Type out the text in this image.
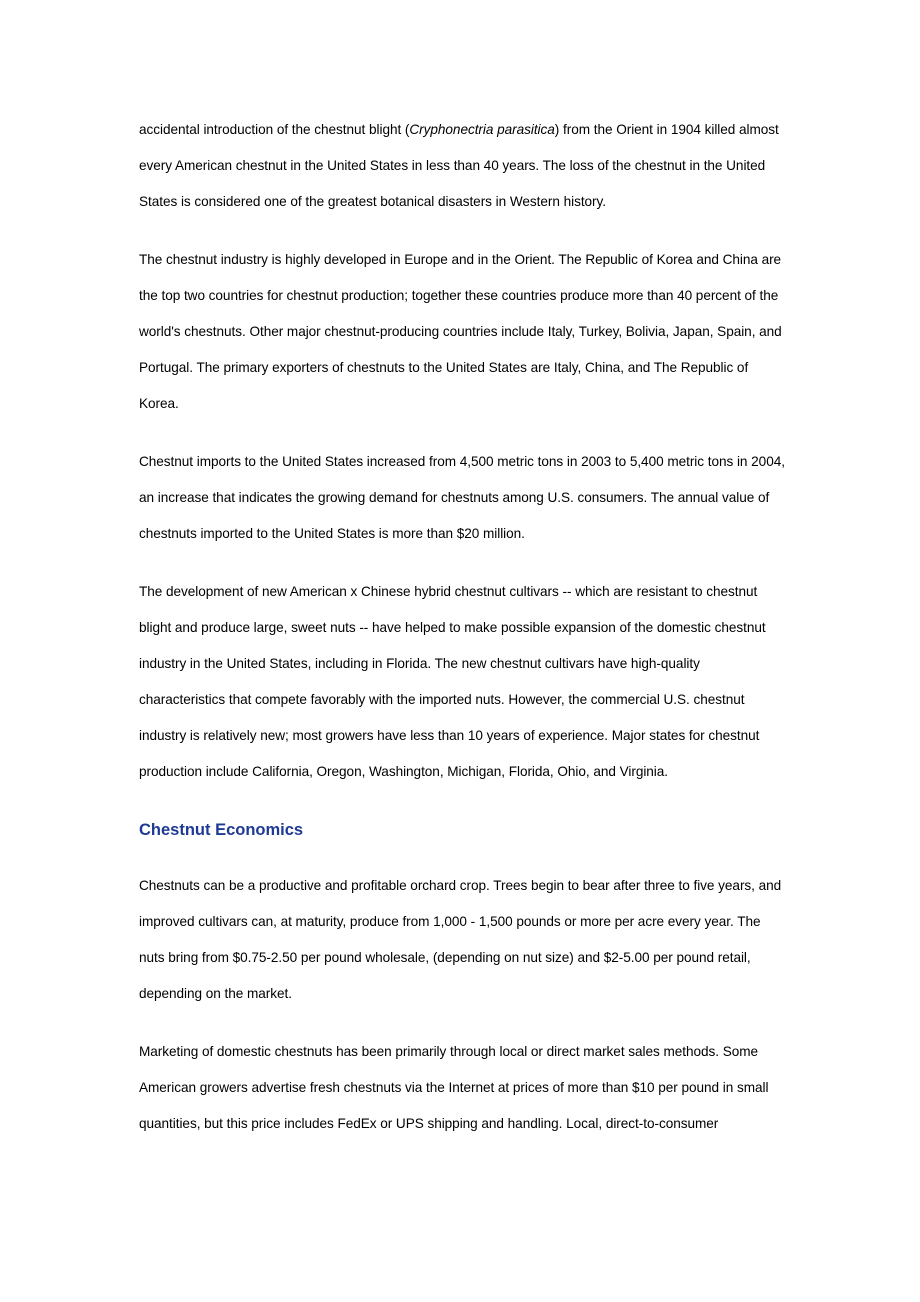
accidental introduction of the chestnut blight (Cryphonectria parasitica) from the Orient in 1904 killed almost every American chestnut in the United States in less than 40 years. The loss of the chestnut in the United States is considered one of the greatest botanical disasters in Western history.

The chestnut industry is highly developed in Europe and in the Orient. The Republic of Korea and China are the top two countries for chestnut production; together these countries produce more than 40 percent of the world's chestnuts. Other major chestnut-producing countries include Italy, Turkey, Bolivia, Japan, Spain, and Portugal. The primary exporters of chestnuts to the United States are Italy, China, and The Republic of Korea.

Chestnut imports to the United States increased from 4,500 metric tons in 2003 to 5,400 metric tons in 2004, an increase that indicates the growing demand for chestnuts among U.S. consumers. The annual value of chestnuts imported to the United States is more than $20 million.

The development of new American x Chinese hybrid chestnut cultivars -- which are resistant to chestnut blight and produce large, sweet nuts -- have helped to make possible expansion of the domestic chestnut industry in the United States, including in Florida. The new chestnut cultivars have high-quality characteristics that compete favorably with the imported nuts. However, the commercial U.S. chestnut industry is relatively new; most growers have less than 10 years of experience. Major states for chestnut production include California, Oregon, Washington, Michigan, Florida, Ohio, and Virginia.

Chestnut Economics

Chestnuts can be a productive and profitable orchard crop. Trees begin to bear after three to five years, and improved cultivars can, at maturity, produce from 1,000 - 1,500 pounds or more per acre every year. The nuts bring from $0.75-2.50 per pound wholesale, (depending on nut size) and $2-5.00 per pound retail, depending on the market.

Marketing of domestic chestnuts has been primarily through local or direct market sales methods. Some American growers advertise fresh chestnuts via the Internet at prices of more than $10 per pound in small quantities, but this price includes FedEx or UPS shipping and handling. Local, direct-to-consumer
